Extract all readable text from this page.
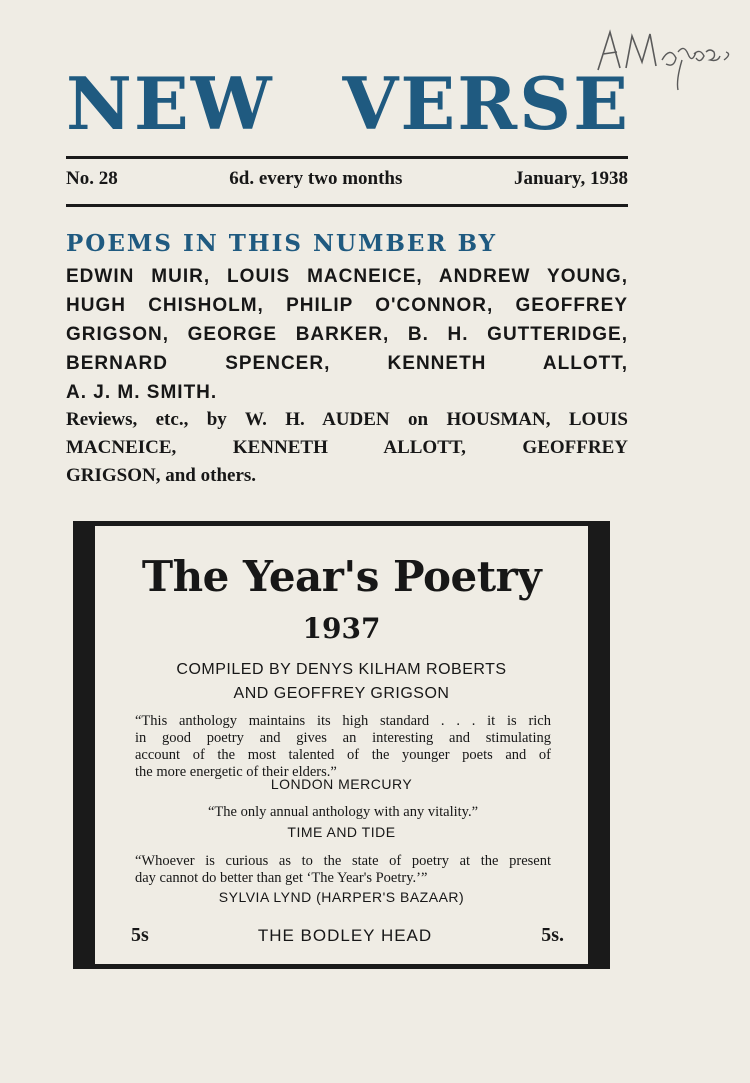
NEW VERSE
No. 28	6d. every two months	January, 1938
POEMS IN THIS NUMBER BY
EDWIN MUIR, LOUIS MACNEICE, ANDREW YOUNG,
HUGH CHISHOLM, PHILIP O'CONNOR, GEOFFREY
GRIGSON, GEORGE BARKER, B. H. GUTTERIDGE,
BERNARD SPENCER, KENNETH ALLOTT,
A. J. M. SMITH.
Reviews, etc., by W. H. AUDEN on HOUSMAN, LOUIS
MACNEICE, KENNETH ALLOTT, GEOFFREY
GRIGSON, and others.
The Year's Poetry
1937
COMPILED BY DENYS KILHAM ROBERTS
AND GEOFFREY GRIGSON
“This anthology maintains its high standard . . . it is rich
in good poetry and gives an interesting and stimulating
account of the most talented of the younger poets and of
the more energetic of their elders.”
LONDON MERCURY
“The only annual anthology with any vitality.”
TIME AND TIDE
“Whoever is curious as to the state of poetry at the present
day cannot do better than get ‘The Year's Poetry.’”
SYLVIA LYND (HARPER'S BAZAAR)
5s	THE BODLEY HEAD	5s.
